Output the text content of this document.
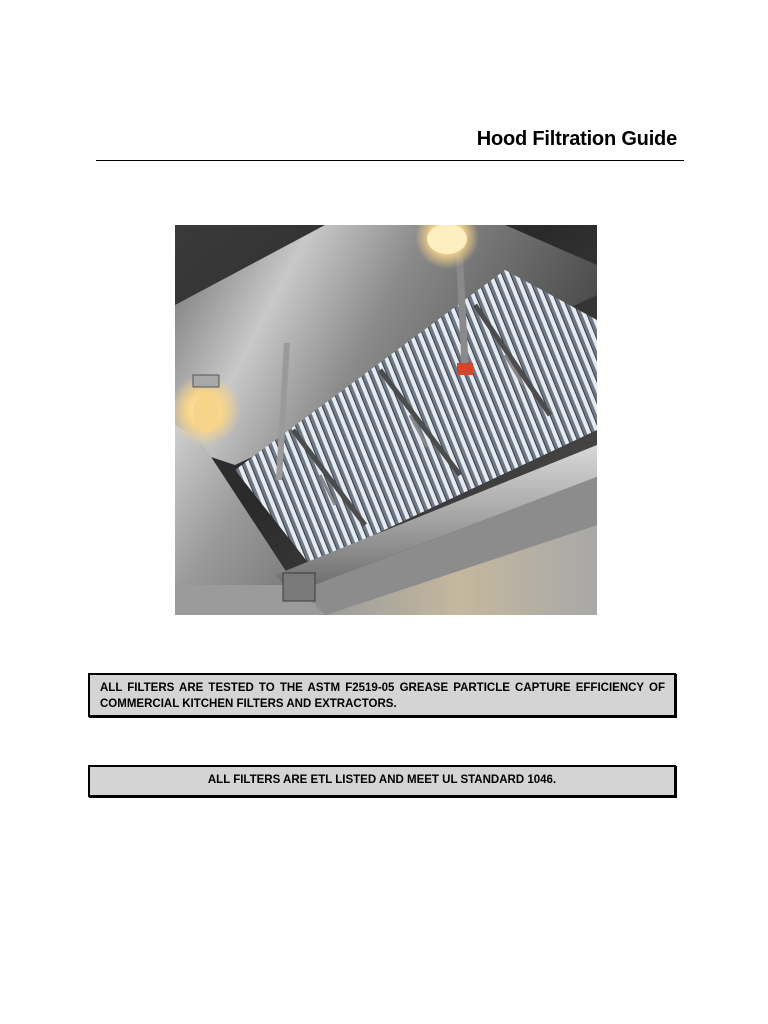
Hood Filtration Guide
ALL FILTERS ARE TESTED TO THE ASTM F2519-05 GREASE PARTICLE CAPTURE EFFICIENCY OF COMMERCIAL KITCHEN FILTERS AND EXTRACTORS.
ALL FILTERS ARE ETL LISTED AND MEET UL STANDARD 1046.
